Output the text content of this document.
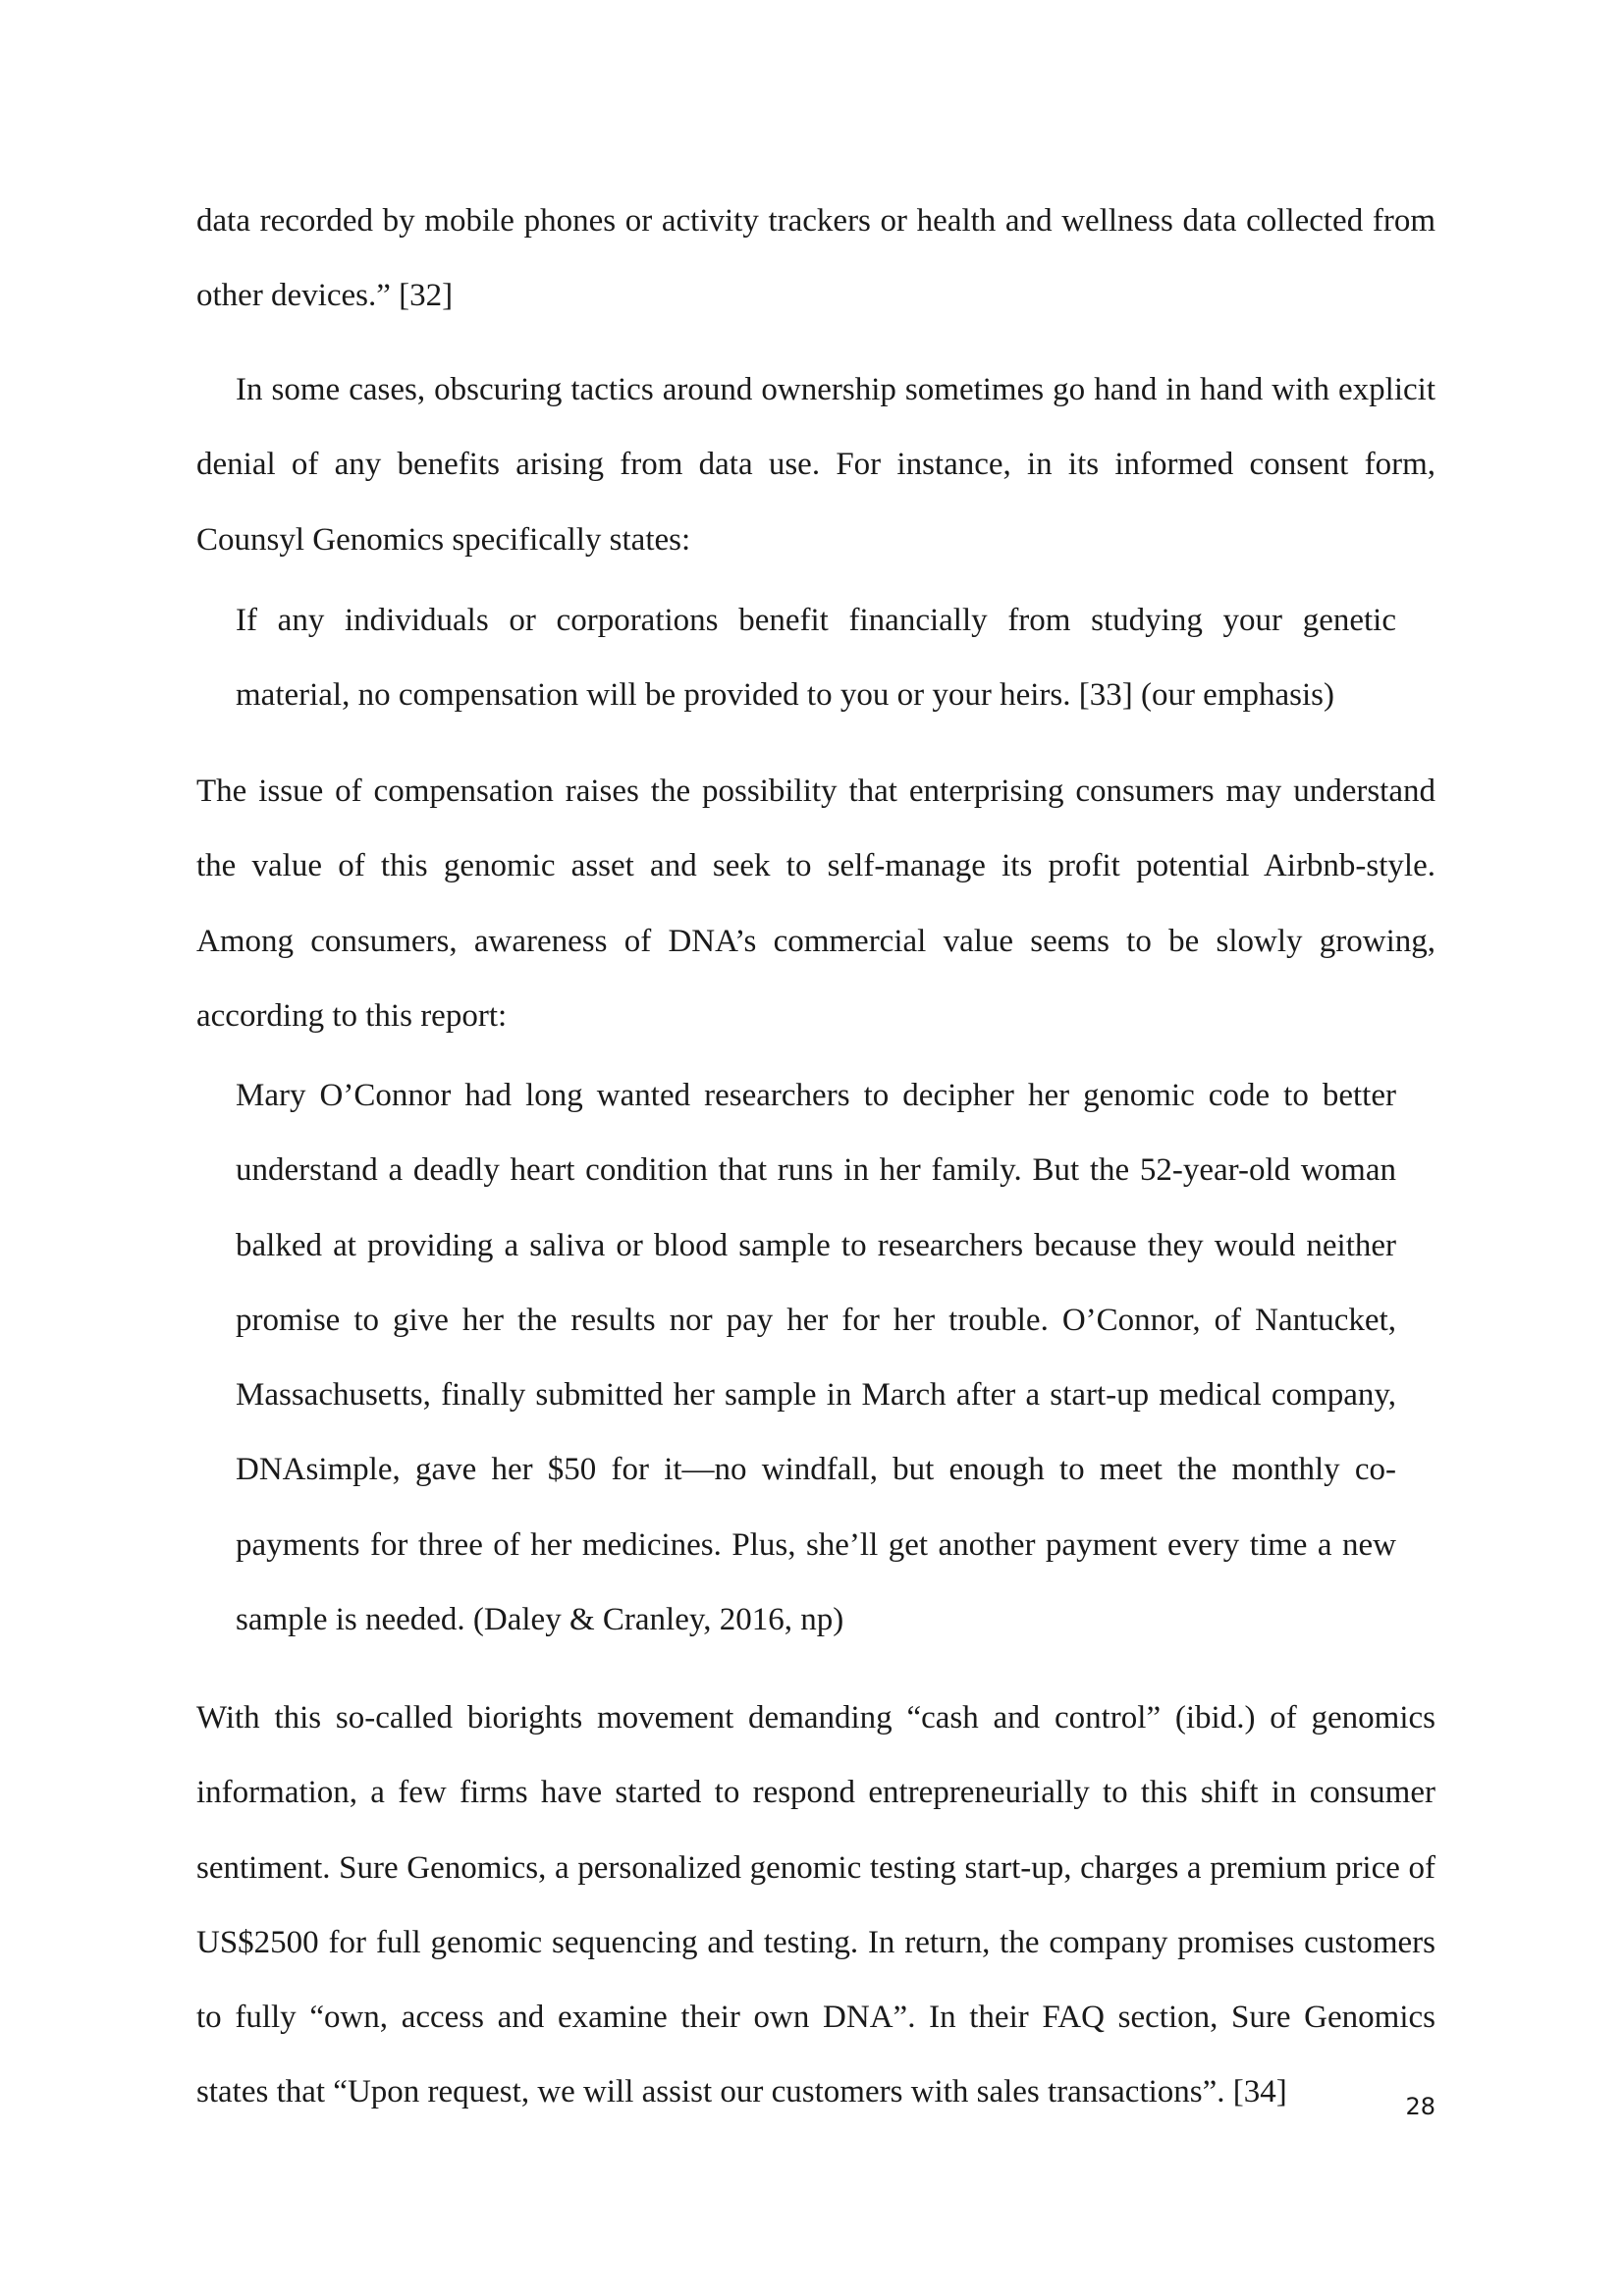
data recorded by mobile phones or activity trackers or health and wellness data collected from other devices.” [32]

In some cases, obscuring tactics around ownership sometimes go hand in hand with explicit denial of any benefits arising from data use. For instance, in its informed consent form, Counsyl Genomics specifically states:

If any individuals or corporations benefit financially from studying your genetic material, no compensation will be provided to you or your heirs. [33] (our emphasis)

The issue of compensation raises the possibility that enterprising consumers may understand the value of this genomic asset and seek to self-manage its profit potential Airbnb-style. Among consumers, awareness of DNA’s commercial value seems to be slowly growing, according to this report:

Mary O’Connor had long wanted researchers to decipher her genomic code to better understand a deadly heart condition that runs in her family. But the 52-year-old woman balked at providing a saliva or blood sample to researchers because they would neither promise to give her the results nor pay her for her trouble. O’Connor, of Nantucket, Massachusetts, finally submitted her sample in March after a start-up medical company, DNAsimple, gave her $50 for it—no windfall, but enough to meet the monthly co-payments for three of her medicines. Plus, she’ll get another payment every time a new sample is needed. (Daley & Cranley, 2016, np)

With this so-called biorights movement demanding “cash and control” (ibid.) of genomics information, a few firms have started to respond entrepreneurially to this shift in consumer sentiment. Sure Genomics, a personalized genomic testing start-up, charges a premium price of US$2500 for full genomic sequencing and testing. In return, the company promises customers to fully “own, access and examine their own DNA”. In their FAQ section, Sure Genomics states that “Upon request, we will assist our customers with sales transactions”. [34]	28
